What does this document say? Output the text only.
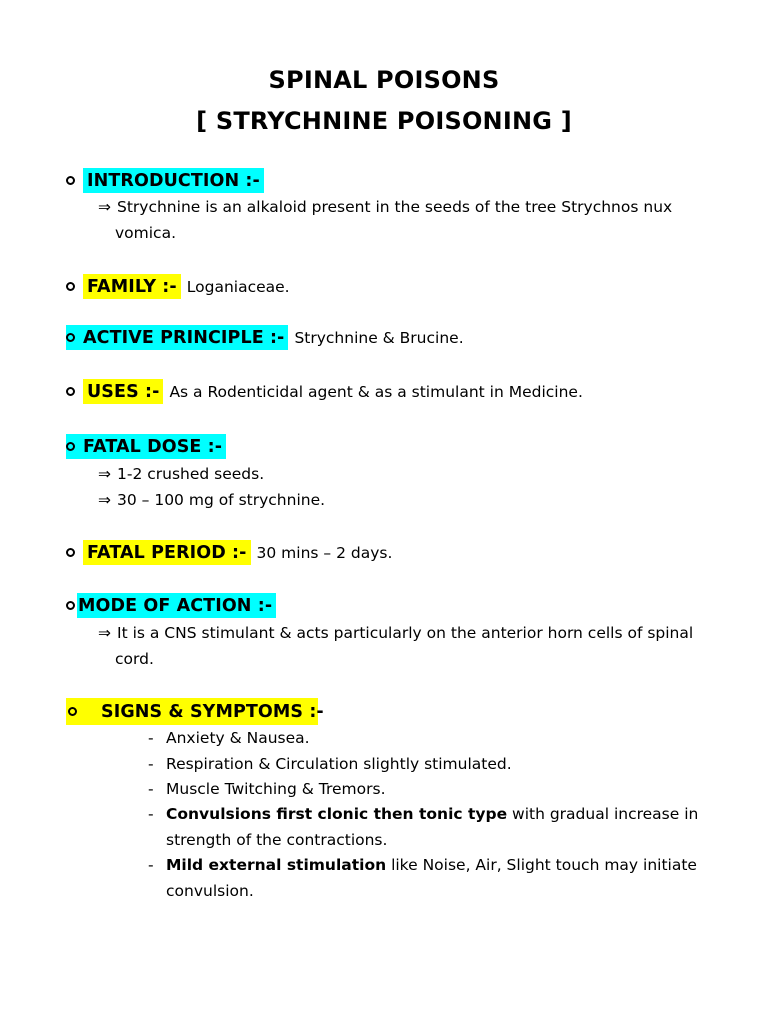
SPINAL POISONS
[ STRYCHNINE POISONING ]
INTRODUCTION :-
⇒ Strychnine is an alkaloid present in the seeds of the tree Strychnos nux
vomica.
FAMILY :- Loganiaceae.
ACTIVE PRINCIPLE :- Strychnine & Brucine.
USES :- As a Rodenticidal agent & as a stimulant in Medicine.
FATAL DOSE :-
⇒ 1-2 crushed seeds.
⇒ 30 – 100 mg of strychnine.
FATAL PERIOD :- 30 mins – 2 days.
MODE OF ACTION :-
⇒ It is a CNS stimulant & acts particularly on the anterior horn cells of spinal
cord.
SIGNS & SYMPTOMS :-
- Anxiety & Nausea.
- Respiration & Circulation slightly stimulated.
- Muscle Twitching & Tremors.
- Convulsions first clonic then tonic type with gradual increase in
strength of the contractions.
- Mild external stimulation like Noise, Air, Slight touch may initiate
convulsion.
